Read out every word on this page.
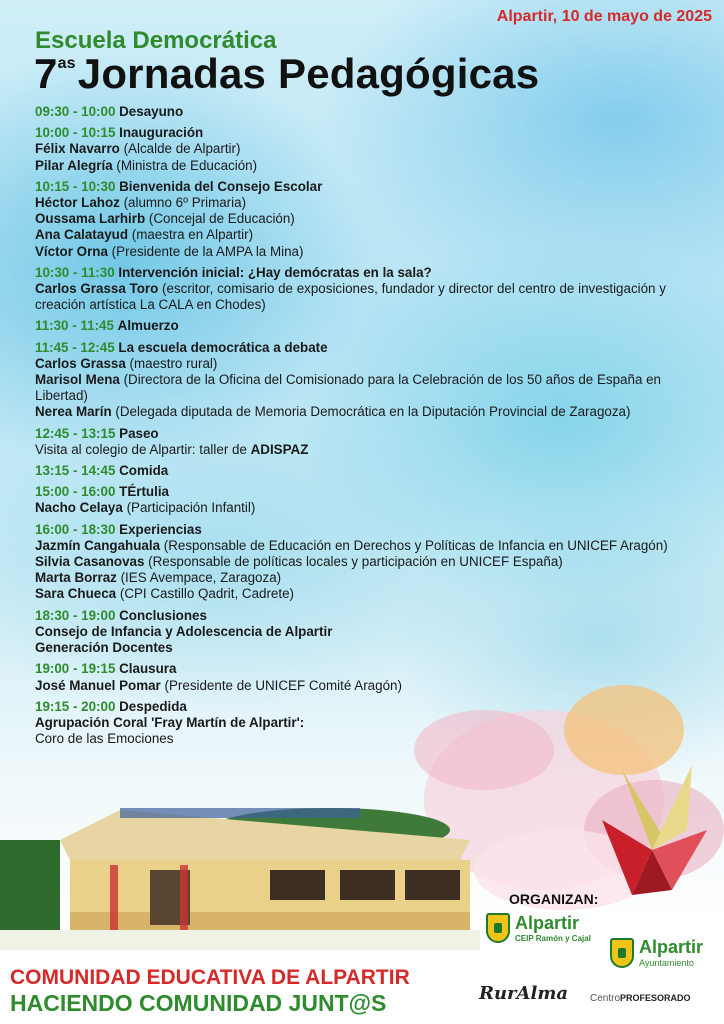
Alpartir, 10 de mayo de 2025
Escuela Democrática
$7^{as}Jornadas$ Pedagógicas
09:30 - 10:00 Desayuno
10:00 - 10:15 Inauguración
Félix Navarro (Alcalde de Alpartir)
Pilar Alegría (Ministra de Educación)
10:15 - 10:30 Bienvenida del Consejo Escolar
Héctor Lahoz (alumno 6º Primaria)
Oussama Larhirb (Concejal de Educación)
Ana Calatayud (maestra en Alpartir)
Víctor Orna (Presidente de la AMPA la Mina)
10:30 - 11:30 Intervención inicial: ¿Hay demócratas en la sala?
Carlos Grassa Toro (escritor, comisario de exposiciones, fundador y director del centro de investigación y creación artística La CALA en Chodes)
11:30 - 11:45 Almuerzo
11:45 - 12:45 La escuela democrática a debate
Carlos Grassa (maestro rural)
Marisol Mena (Directora de la Oficina del Comisionado para la Celebración de los 50 años de España en Libertad)
Nerea Marín (Delegada diputada de Memoria Democrática en la Diputación Provincial de Zaragoza)
12:45 - 13:15 Paseo
Visita al colegio de Alpartir: taller de ADISPAZ
13:15 - 14:45 Comida
15:00 - 16:00 TÉrtulia
Nacho Celaya (Participación Infantil)
16:00 - 18:30 Experiencias
Jazmín Cangahuala (Responsable de Educación en Derechos y Políticas de Infancia en UNICEF Aragón)
Silvia Casanovas (Responsable de políticas locales y participación en UNICEF España)
Marta Borraz (IES Avempace, Zaragoza)
Sara Chueca (CPI Castillo Qadrit, Cadrete)
18:30 - 19:00 Conclusiones
Consejo de Infancia y Adolescencia de Alpartir
Generación Docentes
19:00 - 19:15 Clausura
José Manuel Pomar (Presidente de UNICEF Comité Aragón)
19:15 - 20:00 Despedida
Agrupación Coral 'Fray Martín de Alpartir':
Coro de las Emociones
ORGANIZAN:
Alpartir
CEIP Ramón y Cajal	Alpartir
Ayuntamiento
RurAlma CentroPROFESORADO
COMUNIDAD EDUCATIVA DE ALPARTIR
HACIENDO COMUNIDAD JUNT@S
